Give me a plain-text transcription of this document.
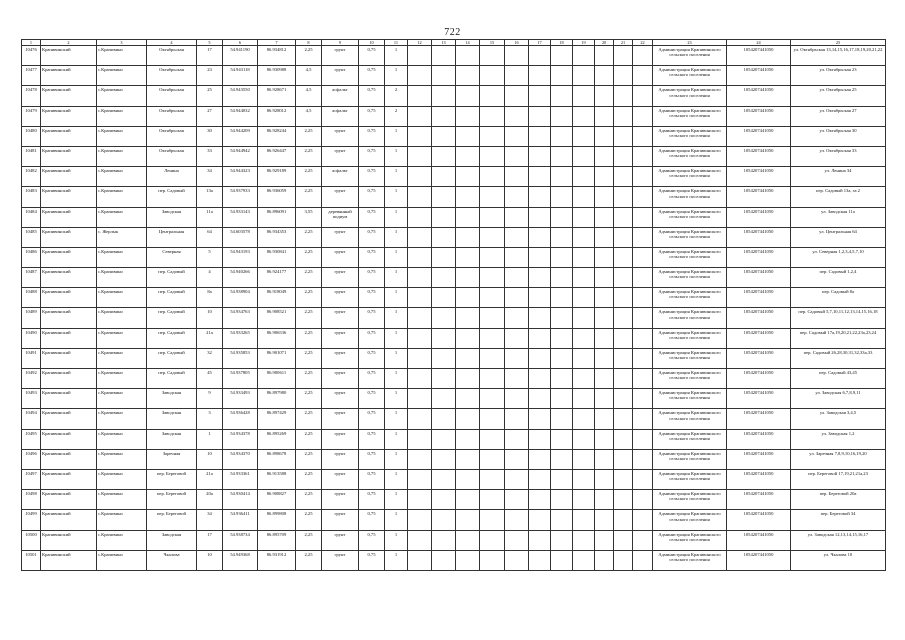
722
1	2	3	4	5	6	7	8	9	10	11	12	13	14	15	16	17	18	19	20	21	22	23	24	25
10476	Крапивинский	с.Крапивино	Октябрьская	17	54.941190	86.934812	2,25	грунт	0,75	1												Администрация Крапивинского сельского поселения	1054207441050	ул. Октябрьская 13,14,15,16,17,18,19,20,21,22
10477	Крапивинский	с.Крапивино	Октябрьская	23	54.943118	86.930988	4,5	грунт	0,75	1												Администрация Крапивинского сельского поселения	1054207441050	ул. Октябрьская 23
10478	Крапивинский	с.Крапивино	Октябрьская	25	54.943550	86.928671	4,5	асфальт	0,75	2												Администрация Крапивинского сельского поселения	1054207441050	ул. Октябрьская 25
10479	Крапивинский	с.Крапивино	Октябрьская	27	54.944032	86.928012	4,5	асфальт	0,75	2												Администрация Крапивинского сельского поселения	1054207441050	ул. Октябрьская 27
10480	Крапивинский	с.Крапивино	Октябрьская	30	54.944209	86.928244	2,25	грунт	0,75	1												Администрация Крапивинского сельского поселения	1054207441050	ул. Октябрьская 30
10481	Крапивинский	с.Крапивино	Октябрьская	33	54.944942	86.926447	2,25	грунт	0,75	1												Администрация Крапивинского сельского поселения	1054207441050	ул. Октябрьская 33
10482	Крапивинский	с.Крапивино	Ленина	34	54.944323	86.929189	2,25	асфальт	0,75	1												Администрация Крапивинского сельского поселения	1054207441050	ул. Ленина 34
10483	Крапивинский	с.Крапивино	пер. Садовый	13а	54.937933	86.936059	2,25	грунт	0,75	1												Администрация Крапивинского сельского поселения	1054207441050	пер. Садовый 13а, за 2
10484	Крапивинский	с.Крапивино	Заводская	11а	54.933143	86.896091	3,55	деревянный подиум	0,75	1												Администрация Крапивинского сельского поселения	1054207441050	ул. Заводская 11а
10485	Крапивинский	с. Жерлык	Центральная	64	54.603578	86.934353	2,25	грунт	0,75	1												Администрация Крапивинского сельского поселения	1054207441050	ул. Центральная 64
10486	Крапивинский	с.Крапивино	Северная	5	54.943193	86.930841	2,25	грунт	0,75	1												Администрация Крапивинского сельского поселения	1054207441050	ул. Северная 1,2,3,4,5,7,10
10487	Крапивинский	с.Крапивино	пер. Садовый	4	54.940266	86.924177	2,25	грунт	0,75	1												Администрация Крапивинского сельского поселения	1054207441050	пер. Садовый 1,2,4
10488	Крапивинский	с.Крапивино	пер. Садовый	8а	54.938904	86.918049	2,25	грунт	0,75	1												Администрация Крапивинского сельского поселения	1054207441050	пер. Садовый 8а
10489	Крапивинский	с.Крапивино	пер. Садовый	10	54.934763	86.908521	2,25	грунт	0,75	1												Администрация Крапивинского сельского поселения	1054207441050	пер. Садовый 5,7,10,11,12,13,14,15,16,18
10490	Крапивинский	с.Крапивино	пер. Садовый	21а	54.933265	86.906536	2,25	грунт	0,75	1												Администрация Крапивинского сельского поселения	1054207441050	пер. Садовый 17а,19,20,21,22,23а,23,24
10491	Крапивинский	с.Крапивино	пер. Садовый	32	54.935853	86.901071	2,25	грунт	0,75	1												Администрация Крапивинского сельского поселения	1054207441050	пер. Садовый 26,28,30,31,32,33а,33
10492	Крапивинский	с.Крапивино	пер. Садовый	45	54.937805	86.900611	2,25	грунт	0,75	1												Администрация Крапивинского сельского поселения	1054207441050	пер. Садовый 43,45
10493	Крапивинский	с.Крапивино	Заводская	9	54.933493	86.897980	2,25	грунт	0,75	1												Администрация Крапивинского сельского поселения	1054207441050	ул. Заводская 6,7,8,9,11
10494	Крапивинский	с.Крапивино	Заводская	3	54.936428	86.897429	2,25	грунт	0,75	1												Администрация Крапивинского сельского поселения	1054207441050	ул. Заводская 3,4,5
10495	Крапивинский	с.Крапивино	Заводская	1	54.934378	86.895269	2,25	грунт	0,75	1												Администрация Крапивинского сельского поселения	1054207441050	ул. Заводская 1,2
10496	Крапивинский	с.Крапивино	Заречная	10	54.934370	86.898678	2,25	грунт	0,75	1												Администрация Крапивинского сельского поселения	1054207441050	ул. Заречная 7,8,9,10,16,19,20
10497	Крапивинский	с.Крапивино	пер. Береговой	21а	54.933361	86.913588	2,25	грунт	0,75	1												Администрация Крапивинского сельского поселения	1054207441050	пер. Береговой 17,19,21,21а,23
10498	Крапивинский	с.Крапивино	пер. Береговой	20а	54.930414	86.908827	2,25	грунт	0,75	1												Администрация Крапивинского сельского поселения	1054207441050	пер. Береговой 20а
10499	Крапивинский	с.Крапивино	пер. Береговой	34	54.936411	86.899808	2,25	грунт	0,75	1												Администрация Крапивинского сельского поселения	1054207441050	пер. Береговой 34
10500	Крапивинский	с.Крапивино	Заводская	17	54.938734	86.895709	2,25	грунт	0,75	1												Администрация Крапивинского сельского поселения	1054207441050	ул. Заводская 12,13,14,15,16,17
10501	Крапивинский	с.Крапивино	Чкалова	10	54.949368	86.931912	2,25	грунт	0,75	1												Администрация Крапивинского сельского поселения	1054207441050	ул. Чкалова 10
